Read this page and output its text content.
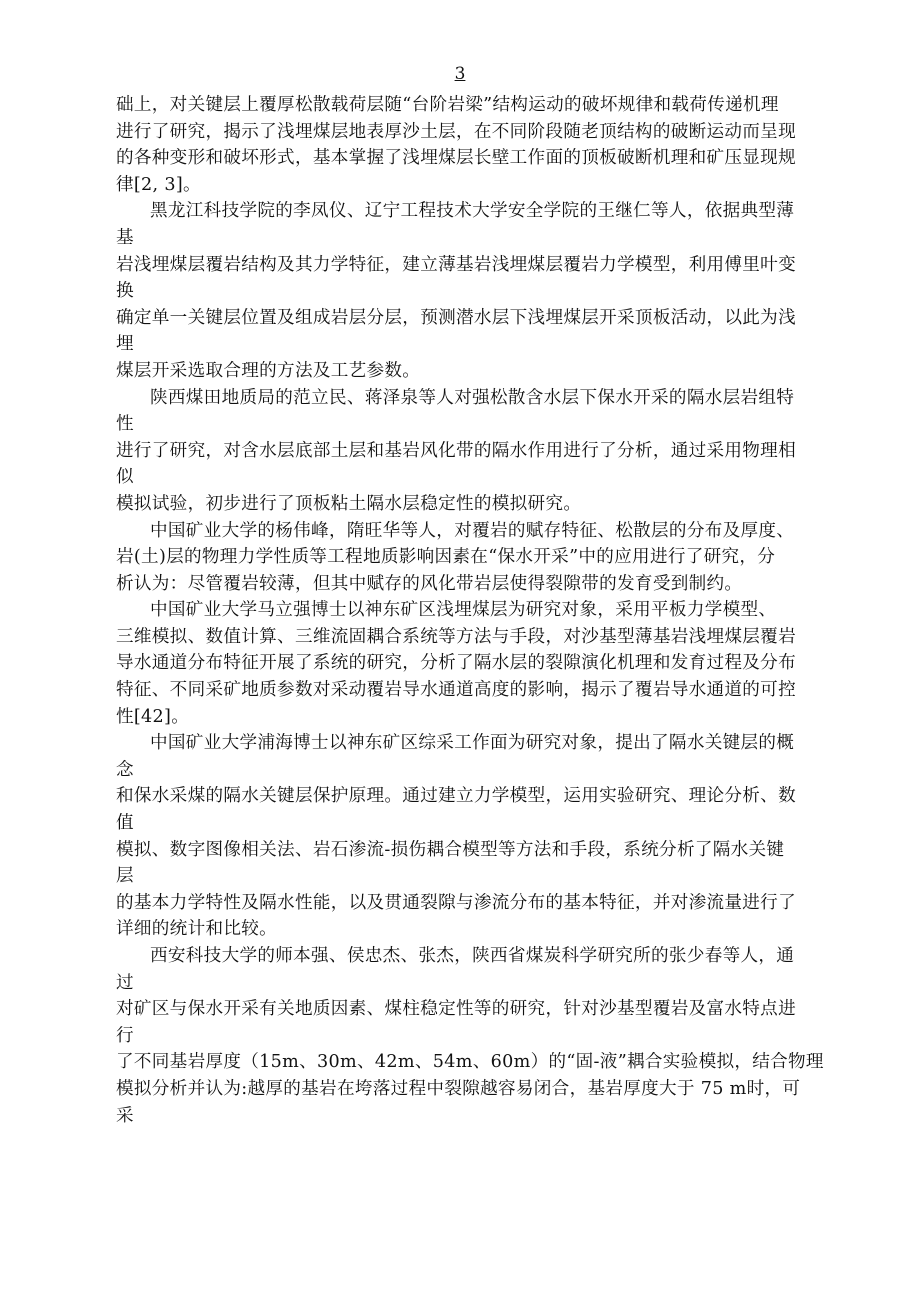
3
础上，对关键层上覆厚松散载荷层随“台阶岩梁”结构运动的破坏规律和载荷传递机理
进行了研究，揭示了浅埋煤层地表厚沙土层，在不同阶段随老顶结构的破断运动而呈现
的各种变形和破坏形式，基本掌握了浅埋煤层长壁工作面的顶板破断机理和矿压显现规
律[2, 3]。
黑龙江科技学院的李凤仪、辽宁工程技术大学安全学院的王继仁等人，依据典型薄
基
岩浅埋煤层覆岩结构及其力学特征，建立薄基岩浅埋煤层覆岩力学模型，利用傅里叶变
换
确定单一关键层位置及组成岩层分层，预测潜水层下浅埋煤层开采顶板活动，以此为浅
埋
煤层开采选取合理的方法及工艺参数。
陕西煤田地质局的范立民、蒋泽泉等人对强松散含水层下保水开采的隔水层岩组特
性
进行了研究，对含水层底部土层和基岩风化带的隔水作用进行了分析，通过采用物理相
似
模拟试验，初步进行了顶板粘土隔水层稳定性的模拟研究。
中国矿业大学的杨伟峰，隋旺华等人，对覆岩的赋存特征、松散层的分布及厚度、
岩(土)层的物理力学性质等工程地质影响因素在“保水开采”中的应用进行了研究，分
析认为：尽管覆岩较薄，但其中赋存的风化带岩层使得裂隙带的发育受到制约。
中国矿业大学马立强博士以神东矿区浅埋煤层为研究对象，采用平板力学模型、
三维模拟、数值计算、三维流固耦合系统等方法与手段，对沙基型薄基岩浅埋煤层覆岩
导水通道分布特征开展了系统的研究，分析了隔水层的裂隙演化机理和发育过程及分布
特征、不同采矿地质参数对采动覆岩导水通道高度的影响，揭示了覆岩导水通道的可控
性[42]。
中国矿业大学浦海博士以神东矿区综采工作面为研究对象，提出了隔水关键层的概
念
和保水采煤的隔水关键层保护原理。通过建立力学模型，运用实验研究、理论分析、数
值
模拟、数字图像相关法、岩石渗流-损伤耦合模型等方法和手段，系统分析了隔水关键
层
的基本力学特性及隔水性能，以及贯通裂隙与渗流分布的基本特征，并对渗流量进行了
详细的统计和比较。
西安科技大学的师本强、侯忠杰、张杰，陕西省煤炭科学研究所的张少春等人，通
过
对矿区与保水开采有关地质因素、煤柱稳定性等的研究，针对沙基型覆岩及富水特点进
行
了不同基岩厚度（15m、30m、42m、54m、60m）的“固-液”耦合实验模拟，结合物理
模拟分析并认为:越厚的基岩在垮落过程中裂隙越容易闭合，基岩厚度大于 75 m时，可
采
